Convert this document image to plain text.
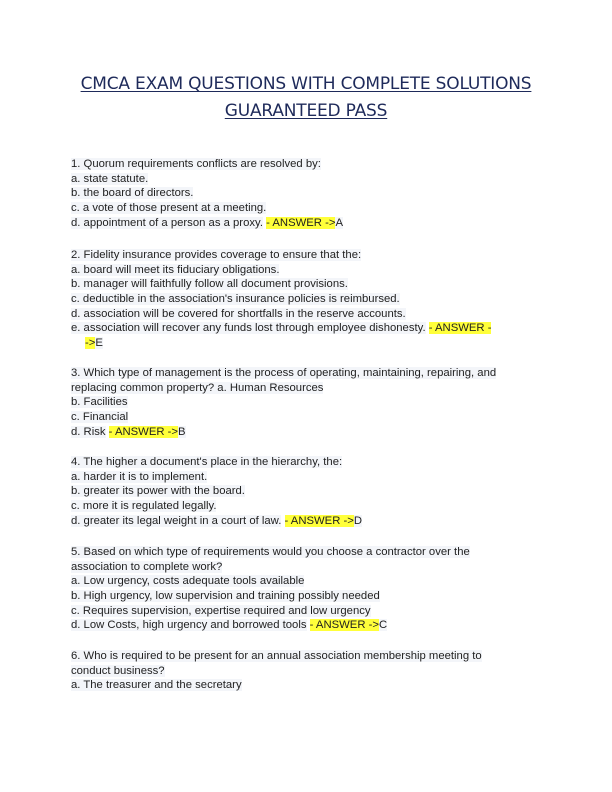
CMCA EXAM QUESTIONS WITH COMPLETE SOLUTIONS
GUARANTEED PASS
1. Quorum requirements conflicts are resolved by:
a. state statute.
b. the board of directors.
c. a vote of those present at a meeting.
d. appointment of a person as a proxy. - ANSWER ->A
2. Fidelity insurance provides coverage to ensure that the:
a. board will meet its fiduciary obligations.
b. manager will faithfully follow all document provisions.
c. deductible in the association's insurance policies is reimbursed.
d. association will be covered for shortfalls in the reserve accounts.
e. association will recover any funds lost through employee dishonesty. - ANSWER -
->E
3. Which type of management is the process of operating, maintaining, repairing, and
replacing common property? a. Human Resources
b. Facilities
c. Financial
d. Risk - ANSWER ->B
4. The higher a document's place in the hierarchy, the:
a. harder it is to implement.
b. greater its power with the board.
c. more it is regulated legally.
d. greater its legal weight in a court of law. - ANSWER ->D
5. Based on which type of requirements would you choose a contractor over the
association to complete work?
a. Low urgency, costs adequate tools available
b. High urgency, low supervision and training possibly needed
c. Requires supervision, expertise required and low urgency
d. Low Costs, high urgency and borrowed tools - ANSWER ->C
6. Who is required to be present for an annual association membership meeting to
conduct business?
a. The treasurer and the secretary
